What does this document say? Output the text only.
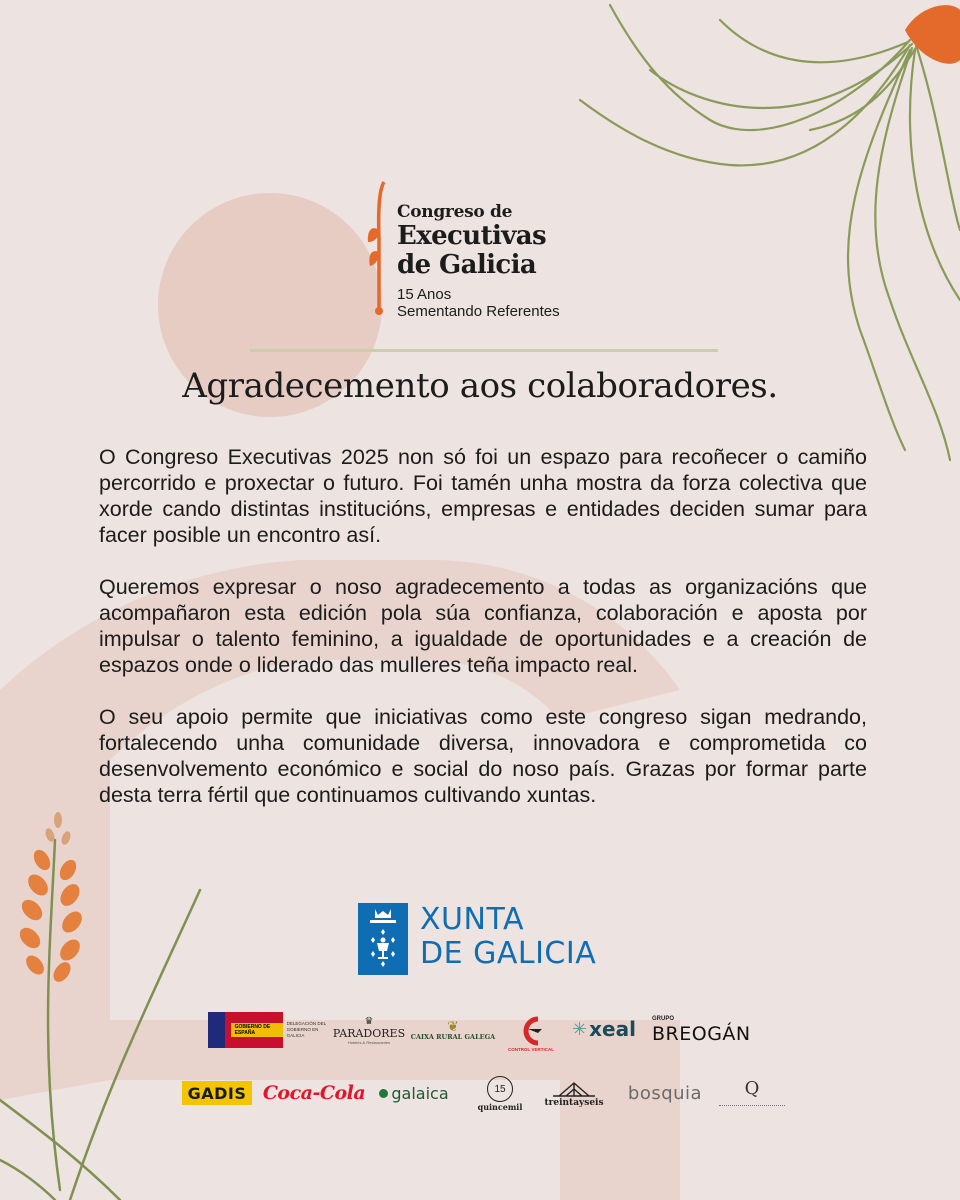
Congreso de
Executivas
de Galicia
15 Anos
Sementando Referentes
Agradecemento aos colaboradores.

O Congreso Executivas 2025 non só foi un espazo para recoñecer o camiño percorrido e proxectar o futuro. Foi tamén unha mostra da forza colectiva que xorde cando distintas institucións, empresas e entidades deciden sumar para facer posible un encontro así.

Queremos expresar o noso agradecemento a todas as organizacións que acompañaron esta edición pola súa confianza, colaboración e aposta por impulsar o talento feminino, a igualdade de oportunidades e a creación de espazos onde o liderado das mulleres teña impacto real.

O seu apoio permite que iniciativas como este congreso sigan medrando, fortalecendo unha comunidade diversa, innovadora e comprometida co desenvolvemento económico e social do noso país. Grazas por formar parte desta terra fértil que continuamos cultivando xuntas.

XUNTA
DE GALICIA
GOBIERNO DE ESPAÑA
DELEGACIÓN DEL GOBIERNO EN GALICIA
♛
PARADORES
Hoteles & Restaurantes
❦
CAIXA RURAL GALEGA
CONTROL VERTICAL
✳ xeal	GRUPO
BREOGÁN
GADIS Coca-Cola galaica	15
quincemil treintayseis bosquia Q
